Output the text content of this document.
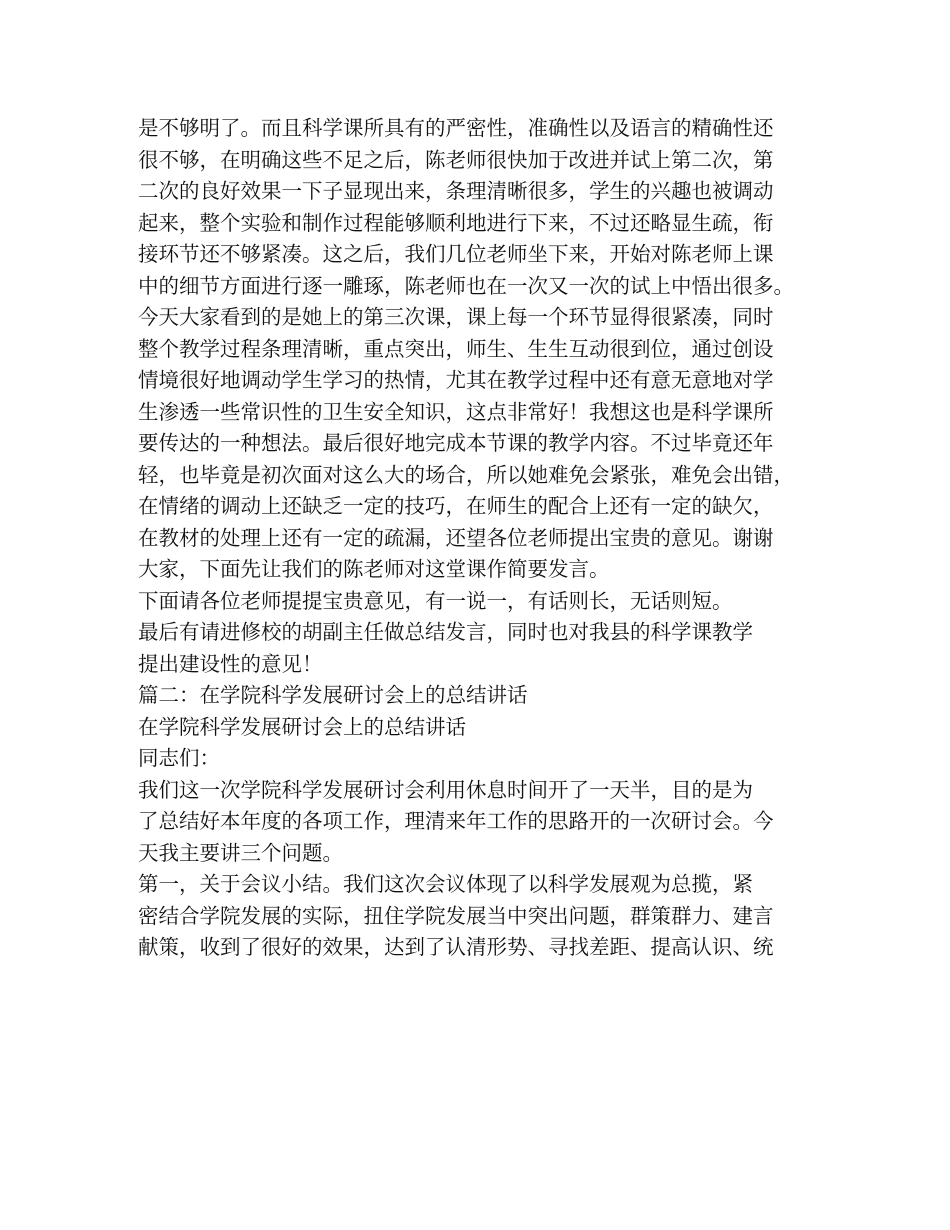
是不够明了。而且科学课所具有的严密性，准确性以及语言的精确性还
很不够，在明确这些不足之后，陈老师很快加于改进并试上第二次，第
二次的良好效果一下子显现出来，条理清晰很多，学生的兴趣也被调动
起来，整个实验和制作过程能够顺利地进行下来，不过还略显生疏，衔
接环节还不够紧凑。这之后，我们几位老师坐下来，开始对陈老师上课
中的细节方面进行逐一雕琢，陈老师也在一次又一次的试上中悟出很多。
今天大家看到的是她上的第三次课，课上每一个环节显得很紧凑，同时
整个教学过程条理清晰，重点突出，师生、生生互动很到位，通过创设
情境很好地调动学生学习的热情，尤其在教学过程中还有意无意地对学
生渗透一些常识性的卫生安全知识，这点非常好！我想这也是科学课所
要传达的一种想法。最后很好地完成本节课的教学内容。不过毕竟还年
轻，也毕竟是初次面对这么大的场合，所以她难免会紧张，难免会出错，
在情绪的调动上还缺乏一定的技巧，在师生的配合上还有一定的缺欠，
在教材的处理上还有一定的疏漏，还望各位老师提出宝贵的意见。谢谢
大家，下面先让我们的陈老师对这堂课作简要发言。
下面请各位老师提提宝贵意见，有一说一，有话则长，无话则短。
最后有请进修校的胡副主任做总结发言，同时也对我县的科学课教学
提出建设性的意见！
篇二：在学院科学发展研讨会上的总结讲话
在学院科学发展研讨会上的总结讲话
同志们：
我们这一次学院科学发展研讨会利用休息时间开了一天半，目的是为
了总结好本年度的各项工作，理清来年工作的思路开的一次研讨会。今
天我主要讲三个问题。
第一，关于会议小结。我们这次会议体现了以科学发展观为总揽，紧
密结合学院发展的实际，扭住学院发展当中突出问题，群策群力、建言
献策，收到了很好的效果，达到了认清形势、寻找差距、提高认识、统
